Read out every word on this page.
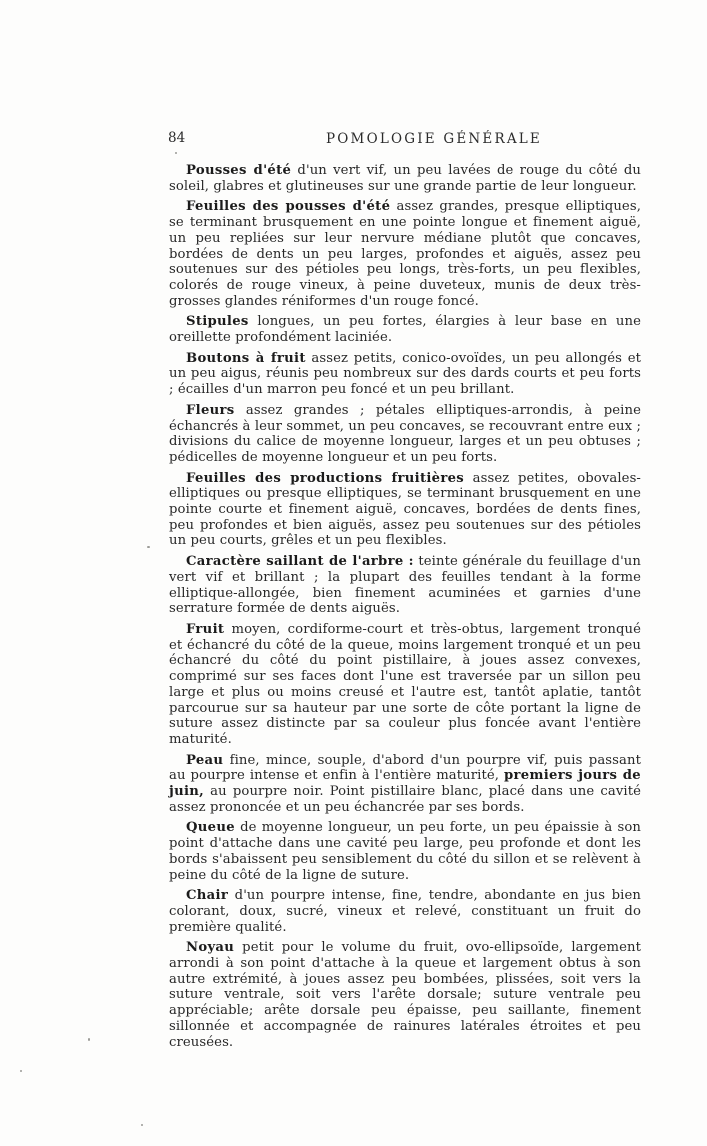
84	POMOLOGIE GÉNÉRALE

Pousses d'été d'un vert vif, un peu lavées de rouge du côté du soleil, glabres et glutineuses sur une grande partie de leur longueur.

Feuilles des pousses d'été assez grandes, presque elliptiques, se terminant brusquement en une pointe longue et finement aiguë, un peu repliées sur leur nervure médiane plutôt que concaves, bordées de dents un peu larges, profondes et aiguës, assez peu soutenues sur des pétioles peu longs, très-forts, un peu flexibles, colorés de rouge vineux, à peine duveteux, munis de deux très-grosses glandes réniformes d'un rouge foncé.

Stipules longues, un peu fortes, élargies à leur base en une oreillette profondément laciniée.

Boutons à fruit assez petits, conico-ovoïdes, un peu allongés et un peu aigus, réunis peu nombreux sur des dards courts et peu forts ; écailles d'un marron peu foncé et un peu brillant.

Fleurs assez grandes ; pétales elliptiques-arrondis, à peine échancrés à leur sommet, un peu concaves, se recouvrant entre eux ; divisions du calice de moyenne longueur, larges et un peu obtuses ; pédicelles de moyenne longueur et un peu forts.

Feuilles des productions fruitières assez petites, obovales-elliptiques ou presque elliptiques, se terminant brusquement en une pointe courte et finement aiguë, concaves, bordées de dents fines, peu profondes et bien aiguës, assez peu soutenues sur des pétioles un peu courts, grêles et un peu flexibles.

Caractère saillant de l'arbre : teinte générale du feuillage d'un vert vif et brillant ; la plupart des feuilles tendant à la forme elliptique-allongée, bien finement acuminées et garnies d'une serrature formée de dents aiguës.

Fruit moyen, cordiforme-court et très-obtus, largement tronqué et échancré du côté de la queue, moins largement tronqué et un peu échancré du côté du point pistillaire, à joues assez convexes, comprimé sur ses faces dont l'une est traversée par un sillon peu large et plus ou moins creusé et l'autre est, tantôt aplatie, tantôt parcourue sur sa hauteur par une sorte de côte portant la ligne de suture assez distincte par sa couleur plus foncée avant l'entière maturité.

Peau fine, mince, souple, d'abord d'un pourpre vif, puis passant au pourpre intense et enfin à l'entière maturité, premiers jours de juin, au pourpre noir. Point pistillaire blanc, placé dans une cavité assez prononcée et un peu échancrée par ses bords.

Queue de moyenne longueur, un peu forte, un peu épaissie à son point d'attache dans une cavité peu large, peu profonde et dont les bords s'abaissent peu sensiblement du côté du sillon et se relèvent à peine du côté de la ligne de suture.

Chair d'un pourpre intense, fine, tendre, abondante en jus bien colorant, doux, sucré, vineux et relevé, constituant un fruit do première qualité.

Noyau petit pour le volume du fruit, ovo-ellipsoïde, largement arrondi à son point d'attache à la queue et largement obtus à son autre extrémité, à joues assez peu bombées, plissées, soit vers la suture ventrale, soit vers l'arête dorsale; suture ventrale peu appréciable; arête dorsale peu épaisse, peu saillante, finement sillonnée et accompagnée de rainures latérales étroites et peu creusées.
